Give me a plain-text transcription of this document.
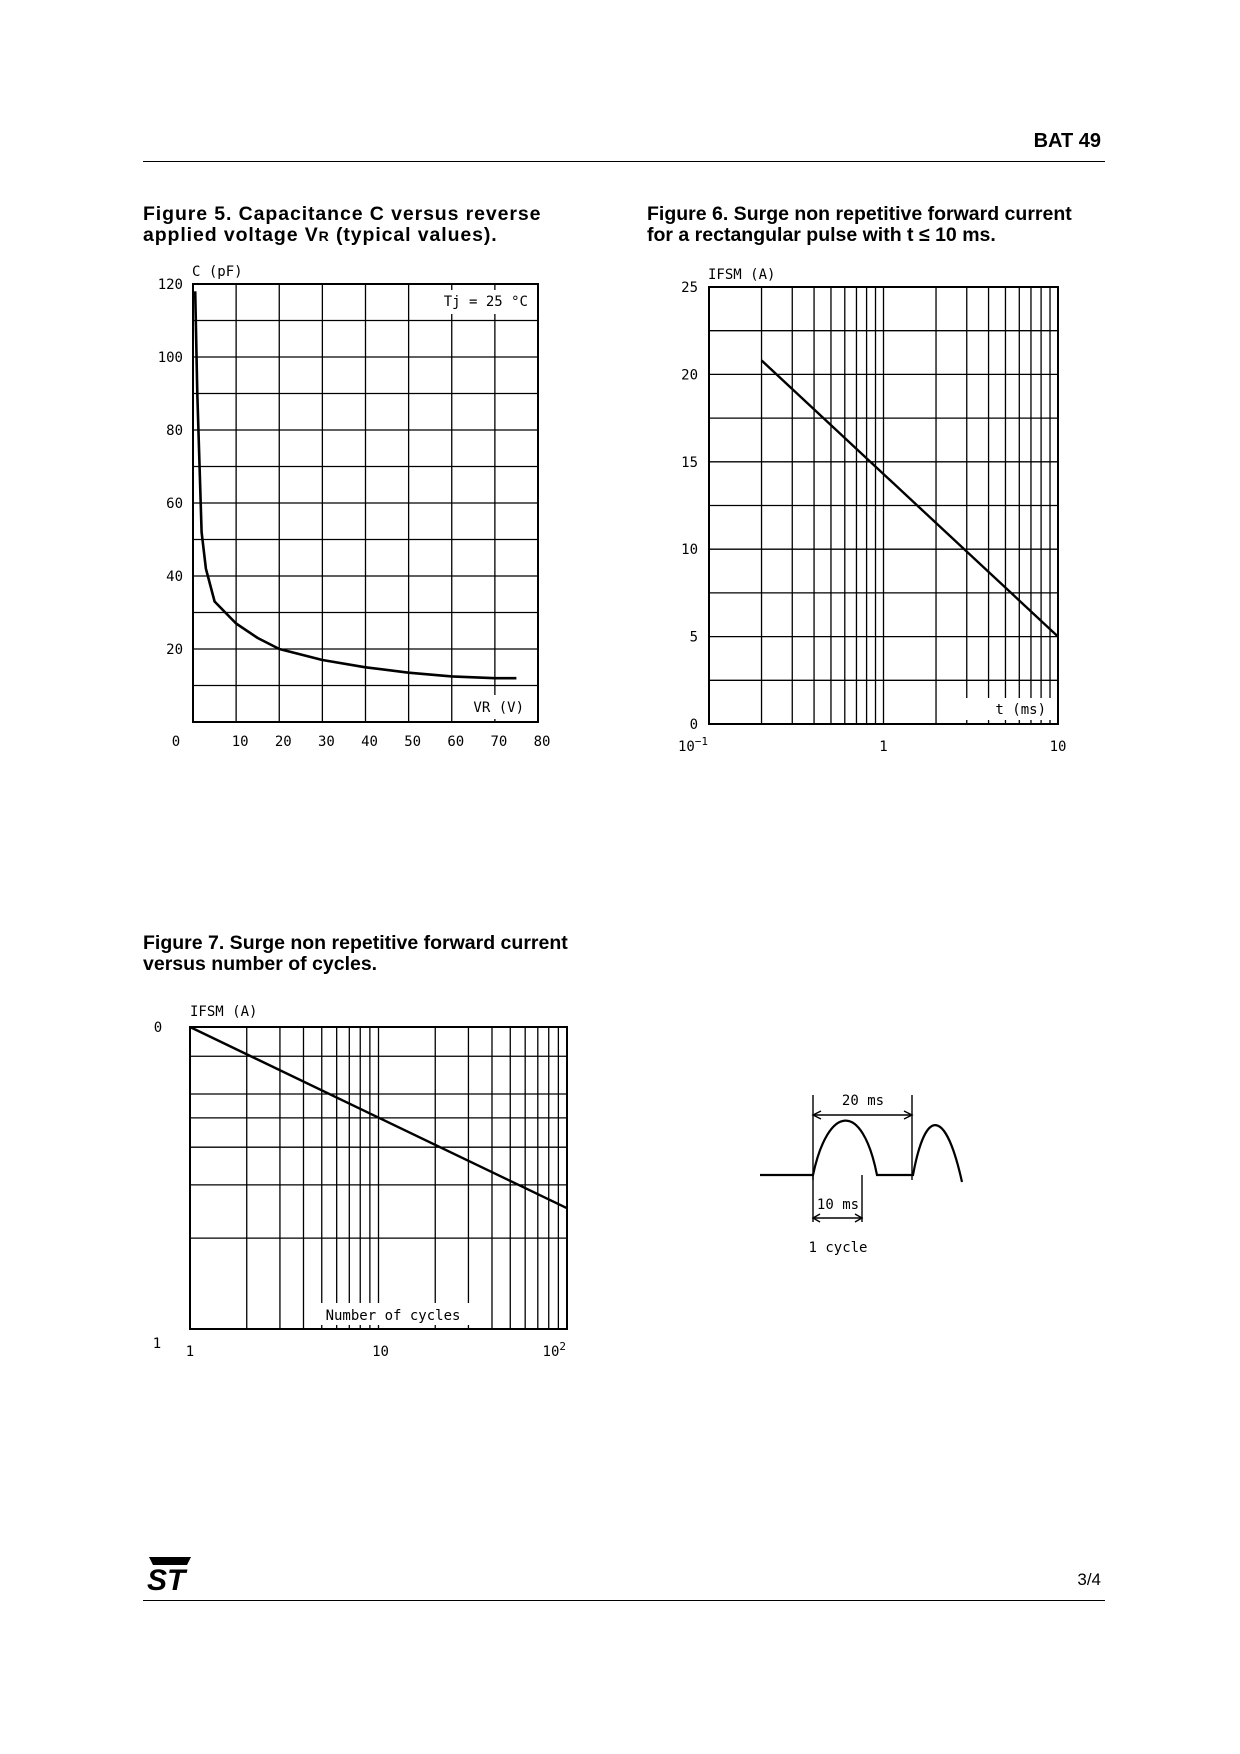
BAT 49
Figure 5. Capacitance C versus reverse
applied voltage VR (typical values).
Figure 6. Surge non repetitive forward current
for a rectangular pulse with t ≤ 10 ms.
Figure 7. Surge non repetitive forward current
versus number of cycles.
Tj = 25 °C
VR (V)
C (pF)
0	10 20 30 40 50 60 70 80
120
100
80
60
40
20
t (ms)
IFSM (A)
$10^{-1}$	1	10
25
20
15
10
5
0
Number of cycles
IFSM (A)
0
1 1	10	$10^2$
20 ms
10 ms
1 cycle
ST	3/4
